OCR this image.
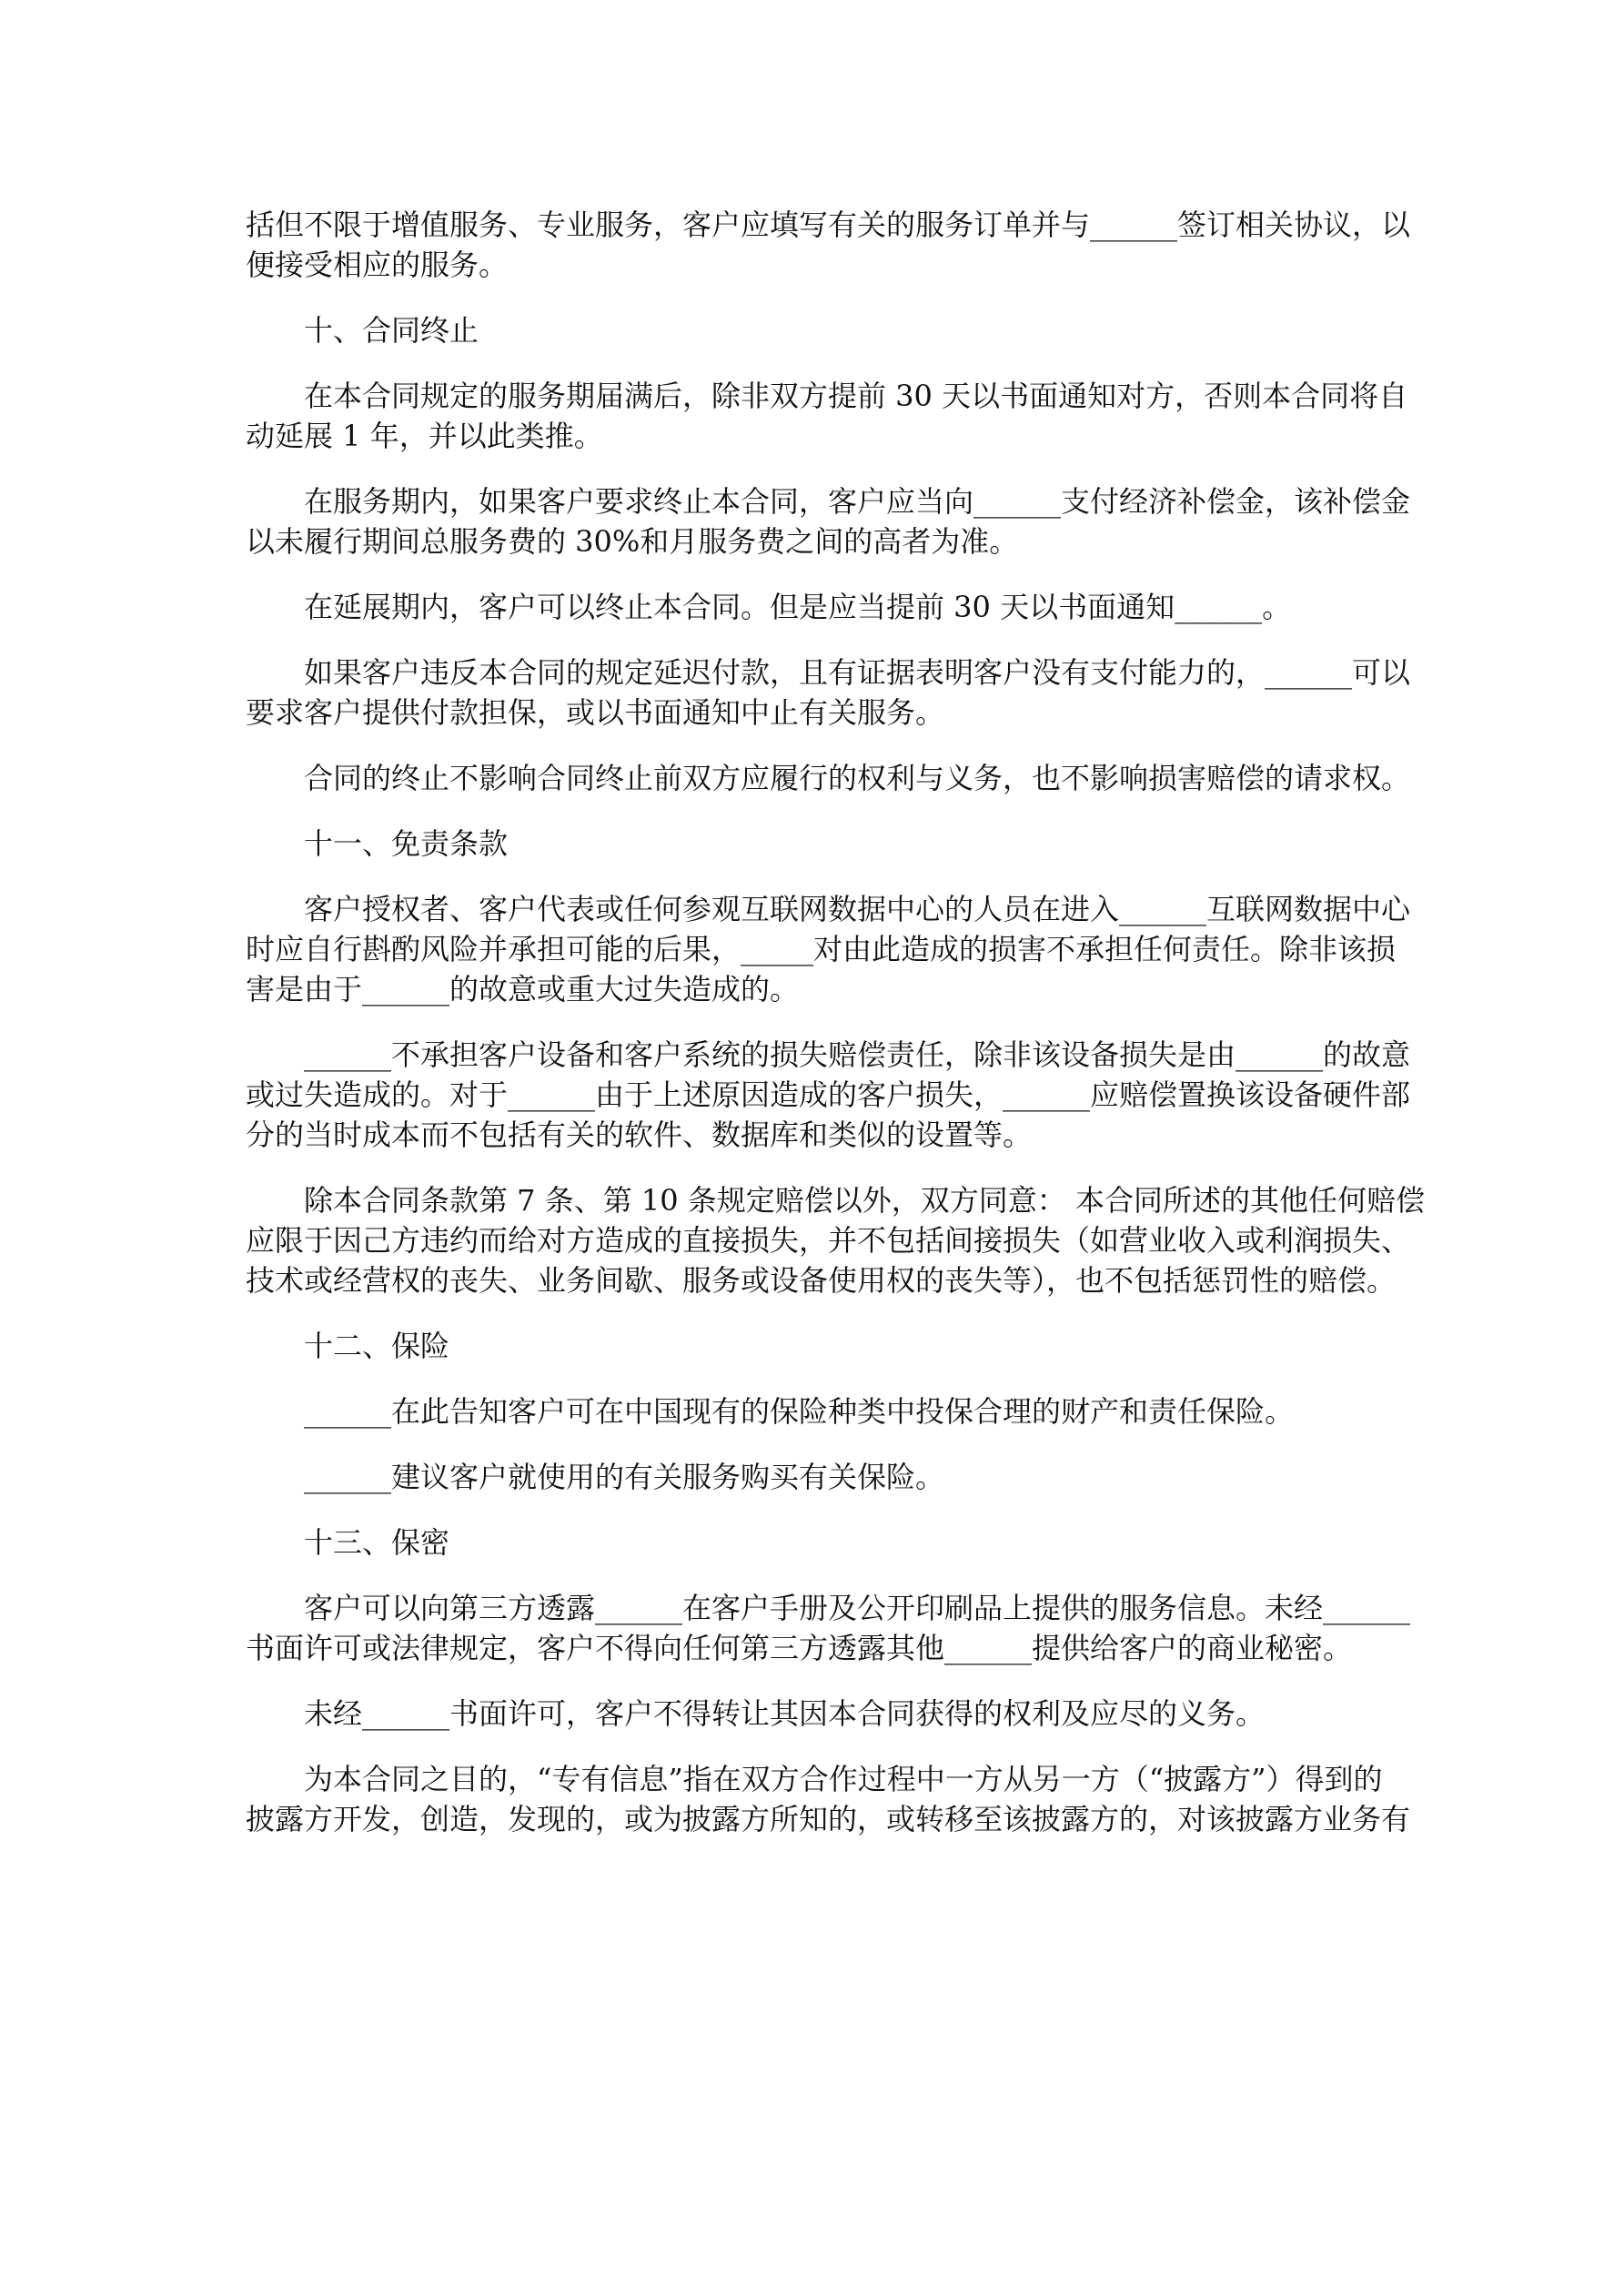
括但不限于增值服务、专业服务，客户应填写有关的服务订单并与______签订相关协议，以
便接受相应的服务。
十、合同终止
在本合同规定的服务期届满后，除非双方提前 30 天以书面通知对方，否则本合同将自
动延展 1 年，并以此类推。
在服务期内，如果客户要求终止本合同，客户应当向______支付经济补偿金，该补偿金
以未履行期间总服务费的 30%和月服务费之间的高者为准。
在延展期内，客户可以终止本合同。但是应当提前 30 天以书面通知______。
如果客户违反本合同的规定延迟付款，且有证据表明客户没有支付能力的，______可以
要求客户提供付款担保，或以书面通知中止有关服务。
合同的终止不影响合同终止前双方应履行的权利与义务，也不影响损害赔偿的请求权。
十一、免责条款
客户授权者、客户代表或任何参观互联网数据中心的人员在进入______互联网数据中心
时应自行斟酌风险并承担可能的后果，_____对由此造成的损害不承担任何责任。除非该损
害是由于______的故意或重大过失造成的。
______不承担客户设备和客户系统的损失赔偿责任，除非该设备损失是由______的故意
或过失造成的。对于______由于上述原因造成的客户损失，______应赔偿置换该设备硬件部
分的当时成本而不包括有关的软件、数据库和类似的设置等。
除本合同条款第 7 条、第 10 条规定赔偿以外，双方同意： 本合同所述的其他任何赔偿
应限于因己方违约而给对方造成的直接损失，并不包括间接损失（如营业收入或利润损失、
技术或经营权的丧失、业务间歇、服务或设备使用权的丧失等），也不包括惩罚性的赔偿。
十二、保险
______在此告知客户可在中国现有的保险种类中投保合理的财产和责任保险。
______建议客户就使用的有关服务购买有关保险。
十三、保密
客户可以向第三方透露______在客户手册及公开印刷品上提供的服务信息。未经______
书面许可或法律规定，客户不得向任何第三方透露其他______提供给客户的商业秘密。
未经______书面许可，客户不得转让其因本合同获得的权利及应尽的义务。
为本合同之目的，“专有信息”指在双方合作过程中一方从另一方（“披露方”）得到的
披露方开发，创造，发现的，或为披露方所知的，或转移至该披露方的，对该披露方业务有
